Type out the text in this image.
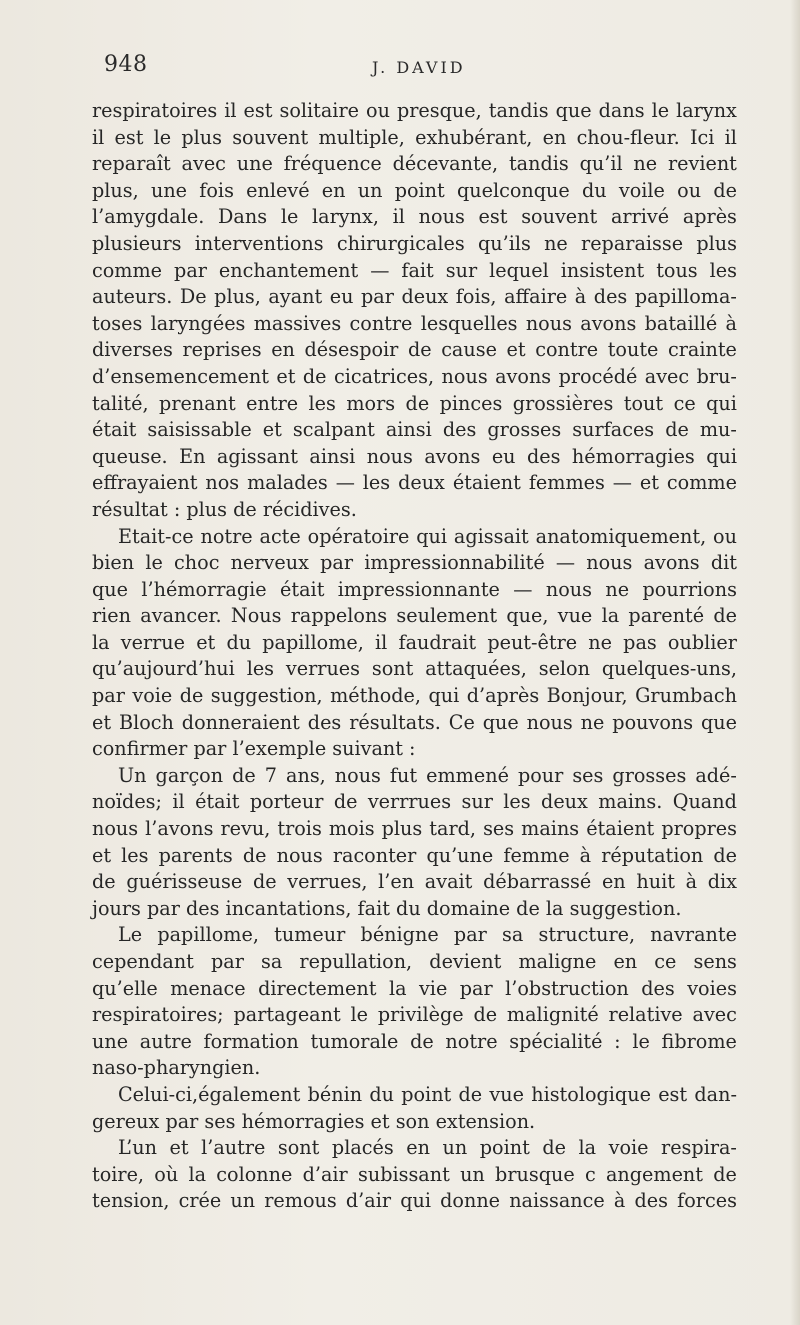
948	J. DAVID
respiratoires il est solitaire ou presque, tandis que dans le larynx
il est le plus souvent multiple, exhubérant, en chou-fleur. Ici il
reparaît avec une fréquence décevante, tandis qu’il ne revient
plus, une fois enlevé en un point quelconque du voile ou de
l’amygdale. Dans le larynx, il nous est souvent arrivé après
plusieurs interventions chirurgicales qu’ils ne reparaisse plus
comme par enchantement — fait sur lequel insistent tous les
auteurs. De plus, ayant eu par deux fois, affaire à des papilloma-
toses laryngées massives contre lesquelles nous avons bataillé à
diverses reprises en désespoir de cause et contre toute crainte
d’ensemencement et de cicatrices, nous avons procédé avec bru-
talité, prenant entre les mors de pinces grossières tout ce qui
était saisissable et scalpant ainsi des grosses surfaces de mu-
queuse. En agissant ainsi nous avons eu des hémorragies qui
effrayaient nos malades — les deux étaient femmes — et comme
résultat : plus de récidives.
Etait-ce notre acte opératoire qui agissait anatomiquement, ou
bien le choc nerveux par impressionnabilité — nous avons dit
que l’hémorragie était impressionnante — nous ne pourrions
rien avancer. Nous rappelons seulement que, vue la parenté de
la verrue et du papillome, il faudrait peut-être ne pas oublier
qu’aujourd’hui les verrues sont attaquées, selon quelques-uns,
par voie de suggestion, méthode, qui d’après Bonjour, Grumbach
et Bloch donneraient des résultats. Ce que nous ne pouvons que
confirmer par l’exemple suivant :
Un garçon de 7 ans, nous fut emmené pour ses grosses adé-
noïdes; il était porteur de verrrues sur les deux mains. Quand
nous l’avons revu, trois mois plus tard, ses mains étaient propres
et les parents de nous raconter qu’une femme à réputation de
de guérisseuse de verrues, l’en avait débarrassé en huit à dix
jours par des incantations, fait du domaine de la suggestion.
Le papillome, tumeur bénigne par sa structure, navrante
cependant par sa repullation, devient maligne en ce sens
qu’elle menace directement la vie par l’obstruction des voies
respiratoires; partageant le privilège de malignité relative avec
une autre formation tumorale de notre spécialité : le fibrome
naso-pharyngien.
Celui-ci,également bénin du point de vue histologique est dan-
gereux par ses hémorragies et son extension.
L’un et l’autre sont placés en un point de la voie respira-
toire, où la colonne d’air subissant un brusque c angement de
tension, crée un remous d’air qui donne naissance à des forces
